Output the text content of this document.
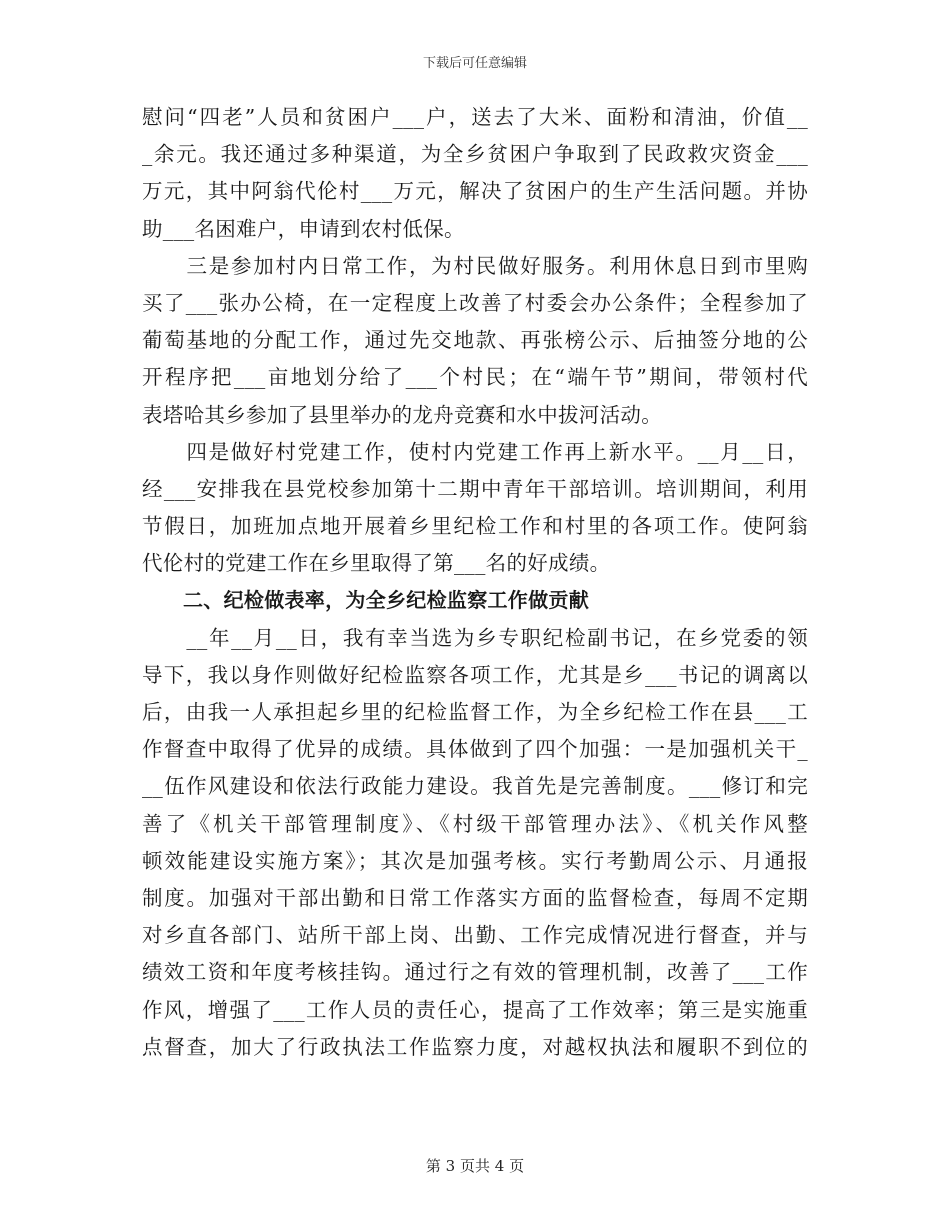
下载后可任意编辑
慰问“四老”人员和贫困户___户，送去了大米、面粉和清油，价值__
_余元。我还通过多种渠道，为全乡贫困户争取到了民政救灾资金___
万元，其中阿翁代伦村___万元，解决了贫困户的生产生活问题。并协
助___名困难户，申请到农村低保。
　　三是参加村内日常工作，为村民做好服务。利用休息日到市里购
买了___张办公椅，在一定程度上改善了村委会办公条件；全程参加了
葡萄基地的分配工作，通过先交地款、再张榜公示、后抽签分地的公
开程序把___亩地划分给了___个村民；在“端午节”期间，带领村代
表塔哈其乡参加了县里举办的龙舟竞赛和水中拔河活动。
　　四是做好村党建工作，使村内党建工作再上新水平。__月__日，
经___安排我在县党校参加第十二期中青年干部培训。培训期间，利用
节假日，加班加点地开展着乡里纪检工作和村里的各项工作。使阿翁
代伦村的党建工作在乡里取得了第___名的好成绩。
二、纪检做表率，为全乡纪检监察工作做贡献
　　__年__月__日，我有幸当选为乡专职纪检副书记，在乡党委的领
导下，我以身作则做好纪检监察各项工作，尤其是乡___书记的调离以
后，由我一人承担起乡里的纪检监督工作，为全乡纪检工作在县___工
作督查中取得了优异的成绩。具体做到了四个加强：一是加强机关干_
__伍作风建设和依法行政能力建设。我首先是完善制度。___修订和完
善了《机关干部管理制度》、《村级干部管理办法》、《机关作风整
顿效能建设实施方案》；其次是加强考核。实行考勤周公示、月通报
制度。加强对干部出勤和日常工作落实方面的监督检查，每周不定期
对乡直各部门、站所干部上岗、出勤、工作完成情况进行督查，并与
绩效工资和年度考核挂钩。通过行之有效的管理机制，改善了___工作
作风，增强了___工作人员的责任心，提高了工作效率；第三是实施重
点督查，加大了行政执法工作监察力度，对越权执法和履职不到位的
第 3 页共 4 页
